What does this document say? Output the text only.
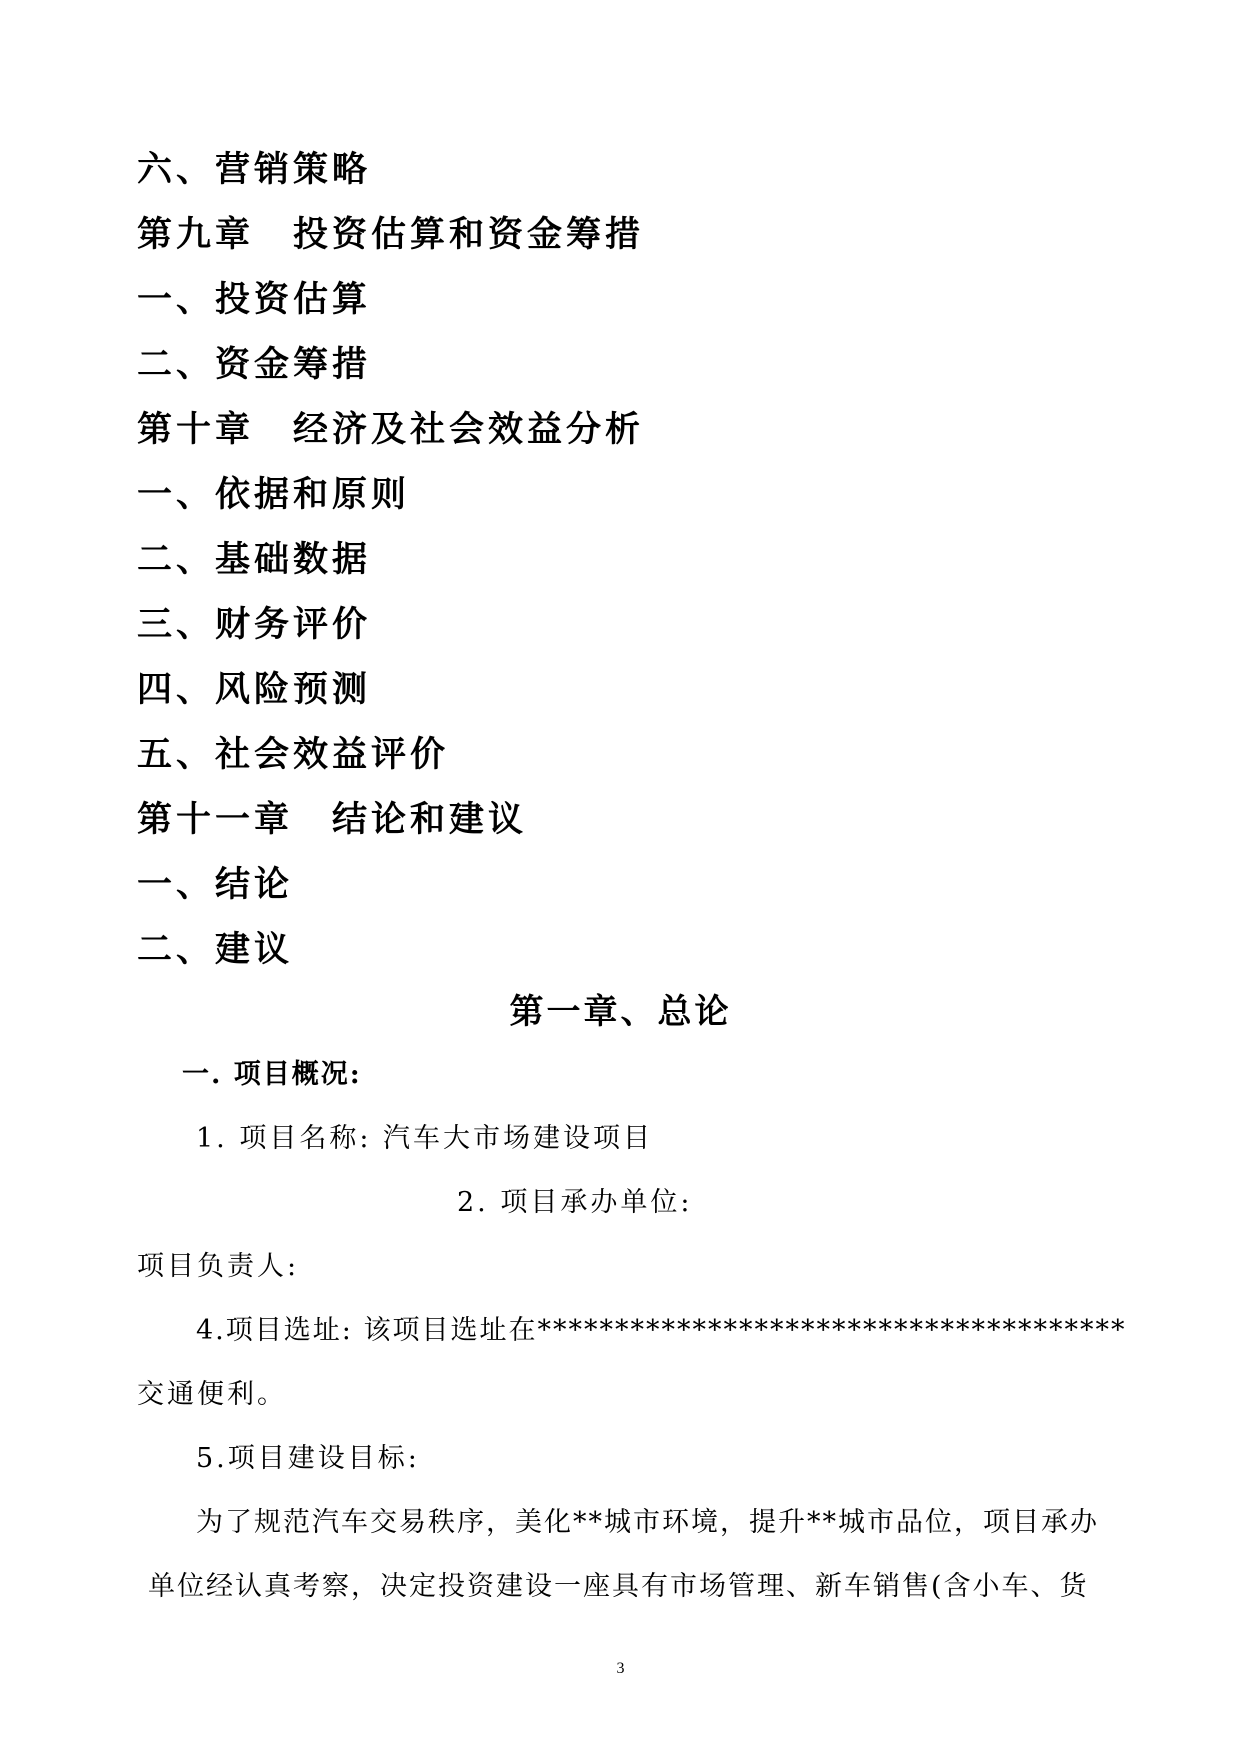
六、营销策略
第九章　投资估算和资金筹措
一、投资估算
二、资金筹措
第十章　经济及社会效益分析
一、依据和原则
二、基础数据
三、财务评价
四、风险预测
五、社会效益评价
第十一章　结论和建议
一、结论
二、建议
第一章、总论
一. 项目概况:
1. 项目名称: 汽车大市场建设项目
2. 项目承办单位:
项目负责人:
4.项目选址: 该项目选址在**************************************
交通便利。
5.项目建设目标:
为了规范汽车交易秩序，美化**城市环境，提升**城市品位，项目承办
单位经认真考察，决定投资建设一座具有市场管理、新车销售(含小车、货
3
